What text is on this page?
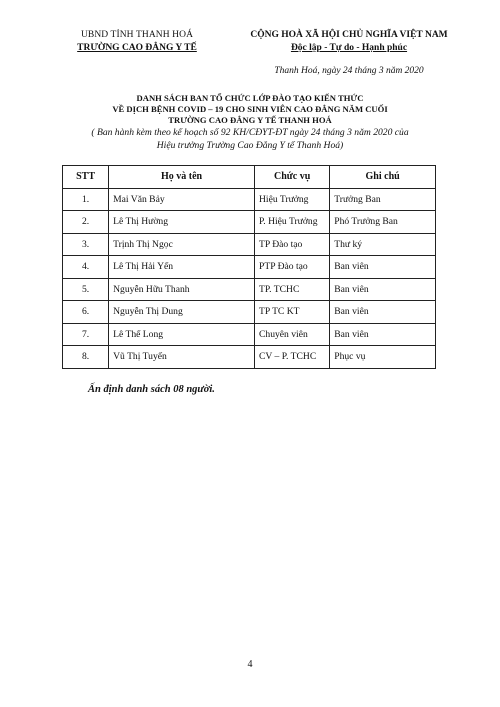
UBND TỈNH THANH HOÁ
TRƯỜNG CAO ĐẲNG Y TẾ
CỘNG HOÀ XÃ HỘI CHỦ NGHĨA VIỆT NAM
Độc lập - Tự do - Hạnh phúc
Thanh Hoá, ngày 24 tháng 3 năm 2020
DANH SÁCH BAN TỔ CHỨC LỚP ĐÀO TẠO KIẾN THỨC
VỀ DỊCH BỆNH COVID – 19 CHO SINH VIÊN CAO ĐẲNG NĂM CUỐI
TRƯỜNG CAO ĐẲNG Y TẾ THANH HOÁ
( Ban hành kèm theo kế hoạch số 92 KH/CĐYT-ĐT ngày 24 tháng 3 năm 2020 của
Hiệu trưởng Trường Cao Đẳng Y tế Thanh Hoá)
STT	Họ và tên	Chức vụ	Ghi chú
1.	Mai Văn Bảy	Hiệu Trưởng	Trưởng Ban
2.	Lê Thị Hường	P. Hiệu Trưởng	Phó Trưởng Ban
3.	Trịnh Thị Ngọc	TP Đào tạo	Thư ký
4.	Lê Thị Hải Yến	PTP Đào tạo	Ban viên
5.	Nguyễn Hữu Thanh	TP. TCHC	Ban viên
6.	Nguyễn Thị Dung	TP TC KT	Ban viên
7.	Lê Thế Long	Chuyên viên	Ban viên
8.	Vũ Thị Tuyến	CV – P. TCHC	Phục vụ
Ấn định danh sách 08 người.
4
